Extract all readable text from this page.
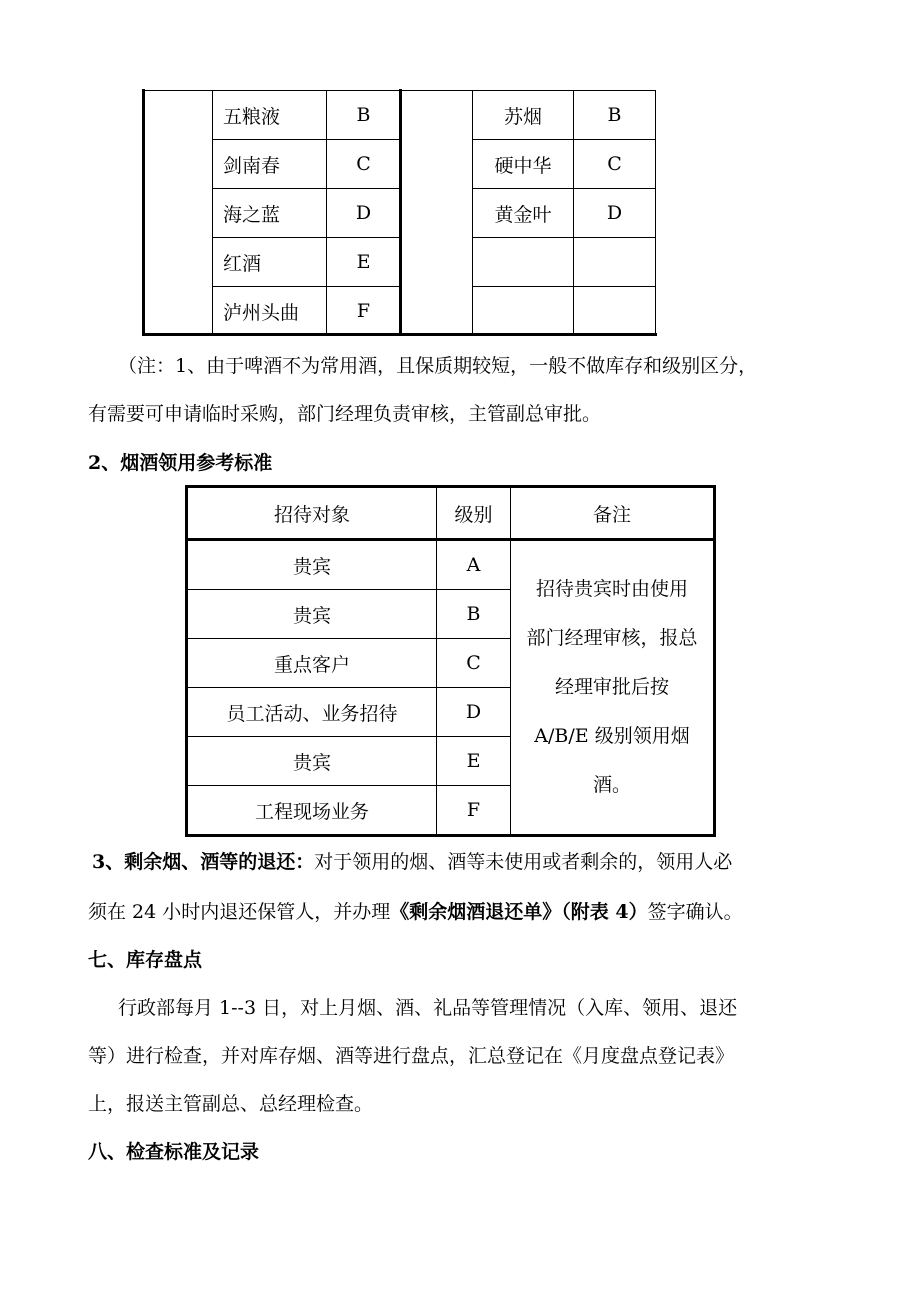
	五粮液	B		苏烟	B
	剑南春	C		硬中华	C
	海之蓝	D		黄金叶	D
	红酒	E			
	泸州头曲	F			
（注：1、由于啤酒不为常用酒，且保质期较短，一般不做库存和级别区分，
有需要可申请临时采购，部门经理负责审核，主管副总审批。
2、烟酒领用参考标准
招待对象	级别	备注
贵宾	A	招待贵宾时由使用
部门经理审核，报总
经理审批后按
A/B/E 级别领用烟
酒。

贵宾	B	
重点客户	C	
员工活动、业务招待	D	
贵宾	E	
工程现场业务	F	
3、剩余烟、酒等的退还：对于领用的烟、酒等未使用或者剩余的，领用人必
须在 24 小时内退还保管人，并办理《剩余烟酒退还单》（附表 4）签字确认。
七、库存盘点
行政部每月 1--3 日，对上月烟、酒、礼品等管理情况（入库、领用、退还
等）进行检查，并对库存烟、酒等进行盘点，汇总登记在《月度盘点登记表》
上，报送主管副总、总经理检查。
八、检查标准及记录
